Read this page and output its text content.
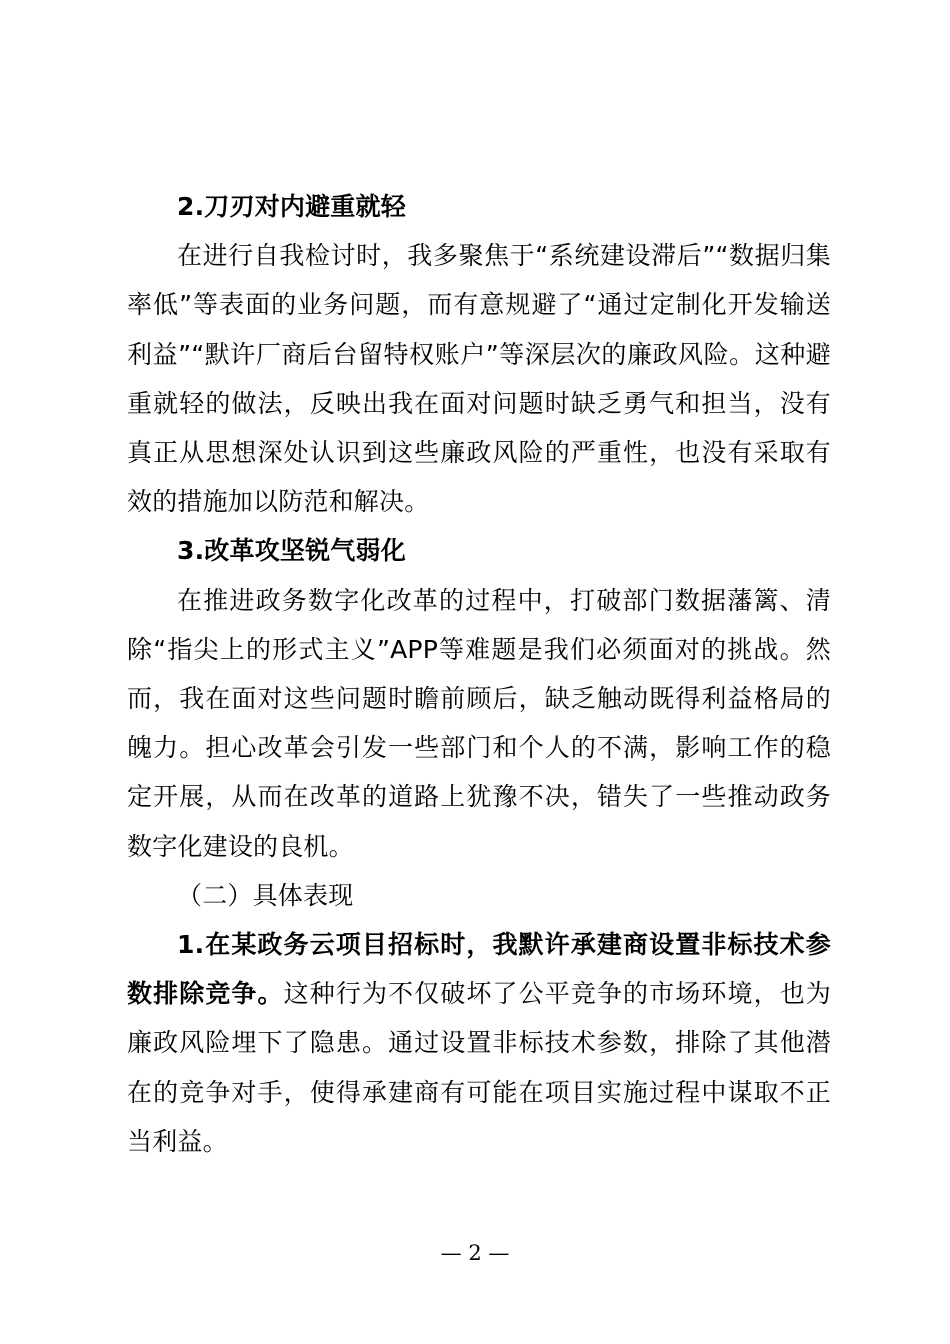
2.刀刃对内避重就轻

在进行自我检讨时，我多聚焦于“系统建设滞后”“数据归集率低”等表面的业务问题，而有意规避了“通过定制化开发输送利益”“默许厂商后台留特权账户”等深层次的廉政风险。这种避重就轻的做法，反映出我在面对问题时缺乏勇气和担当，没有真正从思想深处认识到这些廉政风险的严重性，也没有采取有效的措施加以防范和解决。

3.改革攻坚锐气弱化

在推进政务数字化改革的过程中，打破部门数据藩篱、清除“指尖上的形式主义”APP等难题是我们必须面对的挑战。然而，我在面对这些问题时瞻前顾后，缺乏触动既得利益格局的魄力。担心改革会引发一些部门和个人的不满，影响工作的稳定开展，从而在改革的道路上犹豫不决，错失了一些推动政务数字化建设的良机。

（二）具体表现

1.在某政务云项目招标时，我默许承建商设置非标技术参数排除竞争。这种行为不仅破坏了公平竞争的市场环境，也为廉政风险埋下了隐患。通过设置非标技术参数，排除了其他潜在的竞争对手，使得承建商有可能在项目实施过程中谋取不正当利益。

— 2 —
